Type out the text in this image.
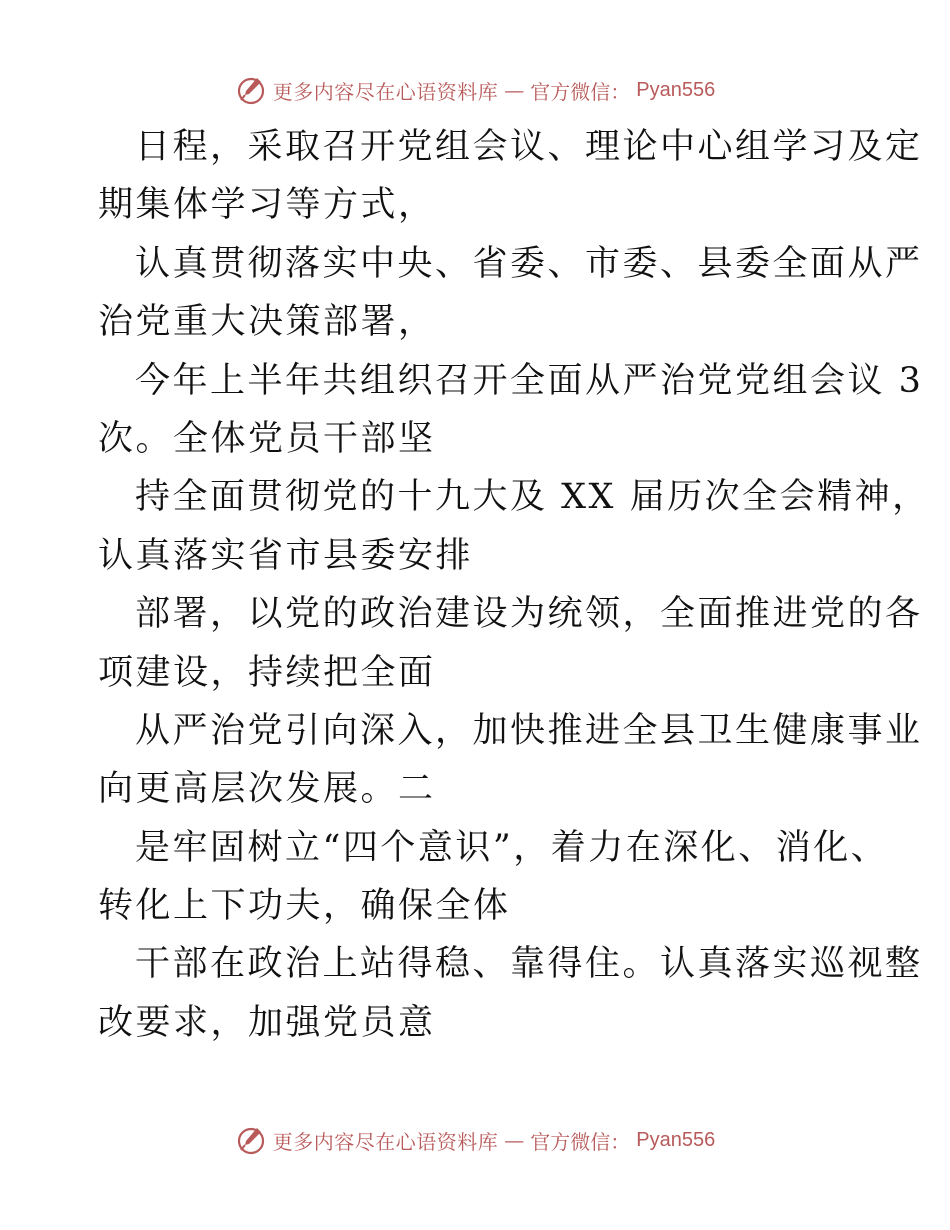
更多内容尽在心语资料库 — 官方微信： Pyan556
日程，采取召开党组会议、理论中心组学习及定
期集体学习等方式，
认真贯彻落实中央、省委、市委、县委全面从严
治党重大决策部署，
今年上半年共组织召开全面从严治党党组会议 3
次。全体党员干部坚
持全面贯彻党的十九大及 XX 届历次全会精神，
认真落实省市县委安排
部署，以党的政治建设为统领，全面推进党的各
项建设，持续把全面
从严治党引向深入，加快推进全县卫生健康事业
向更高层次发展。二
是牢固树立“四个意识”，着力在深化、消化、
转化上下功夫，确保全体
干部在政治上站得稳、靠得住。认真落实巡视整
改要求，加强党员意
更多内容尽在心语资料库 — 官方微信： Pyan556
